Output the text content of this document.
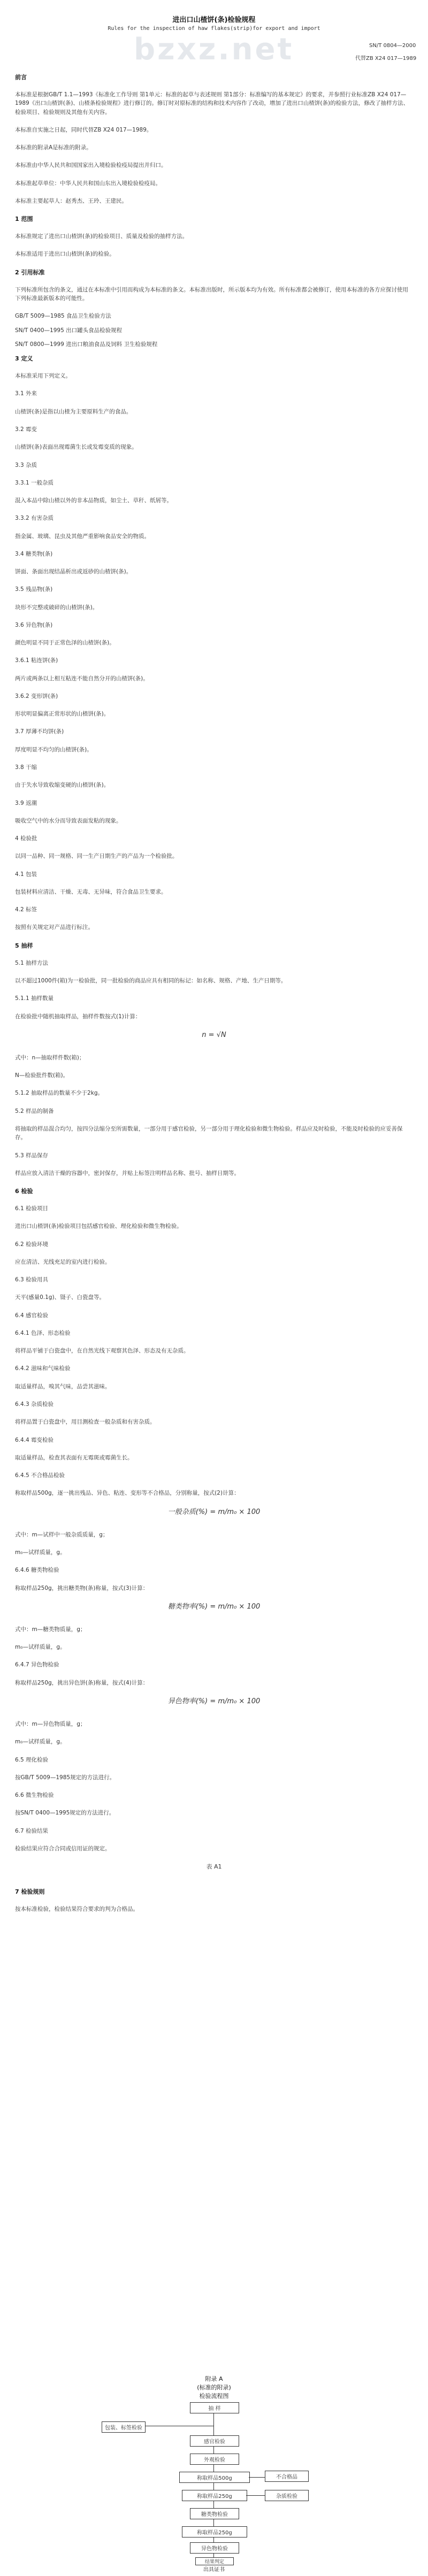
bzxz.net
进出口山楂饼(条)检验规程
Rules for the inspection of haw flakes(strip)for export and import
SN/T 0804—2000
代替ZB X24 017—1989
前言

本标准是根据GB/T 1.1—1993《标准化工作导则 第1单元：标准的起草与表述规则 第1部分：标准编写的基本规定》的要求，并参照行业标准ZB X24 017—1989《出口山楂饼(条)、山楂条检验规程》进行修订的。修订时对原标准的结构和技术内容作了改动，增加了进出口山楂饼(条)的检验方法，修改了抽样方法、检验项目、检验规则及其他有关内容。

本标准自实施之日起，同时代替ZB X24 017—1989。

本标准的附录A是标准的附录。

本标准由中华人民共和国国家出入境检验检疫局提出并归口。

本标准起草单位：中华人民共和国山东出入境检验检疫局。

本标准主要起草人：赵秀杰、王玲、王建民。

1 范围

本标准规定了进出口山楂饼(条)的检验项目、质量及检验的抽样方法。

本标准适用于进出口山楂饼(条)的检验。

2 引用标准

下列标准所包含的条文，通过在本标准中引用而构成为本标准的条文。本标准出版时，所示版本均为有效。所有标准都会被修订，使用本标准的各方应探讨使用下列标准最新版本的可能性。

GB/T 5009—1985 食品卫生检验方法

SN/T 0400—1995 出口罐头食品检验规程

SN/T 0800—1999 进出口粮油食品及饲料 卫生检验规程

3 定义

本标准采用下列定义。

3.1 外来

山楂饼(条)是指以山楂为主要原料生产的食品。

3.2 霉变

山楂饼(条)表面出现霉菌生长或发霉变质的现象。

3.3 杂质

3.3.1 一般杂质

混入本品中除山楂以外的非本品物质，如尘土、草秆、纸屑等。

3.3.2 有害杂质

指金属、玻璃、昆虫及其他严重影响食品安全的物质。

3.4 糖类物(条)

饼面、条面出现结晶析出或返砂的山楂饼(条)。

3.5 残品物(条)

块形不完整或破碎的山楂饼(条)。

3.6 异色物(条)

颜色明显不同于正常色泽的山楂饼(条)。

3.6.1 粘连饼(条)

两片或两条以上相互粘连不能自然分开的山楂饼(条)。

3.6.2 变形饼(条)

形状明显偏离正常形状的山楂饼(条)。

3.7 厚薄不均饼(条)

厚度明显不均匀的山楂饼(条)。

3.8 干缩

由于失水导致收缩变硬的山楂饼(条)。

3.9 返潮

吸收空气中的水分而导致表面发粘的现象。

4 检验批

以同一品种、同一规格、同一生产日期生产的产品为一个检验批。

4.1 包装

包装材料应清洁、干燥、无毒、无异味，符合食品卫生要求。

4.2 标签

按照有关规定对产品进行标注。

5 抽样

5.1 抽样方法

以不超过1000件(箱)为一检验批，同一批检验的商品应具有相同的标记：如名称、规格、产地、生产日期等。

5.1.1 抽样数量

在检验批中随机抽取样品，抽样件数按式(1)计算：

n = √N

式中：n—抽取样件数(箱)；

N—检验批件数(箱)。

5.1.2 抽取样品的数量不少于2kg。

5.2 样品的制备

将抽取的样品混合均匀，按四分法缩分至所需数量，一部分用于感官检验，另一部分用于理化检验和微生物检验。样品应及时检验，不能及时检验的应妥善保存。

5.3 样品保存

样品应放入清洁干燥的容器中，密封保存，并贴上标签注明样品名称、批号、抽样日期等。

6 检验

6.1 检验项目

进出口山楂饼(条)检验项目包括感官检验、理化检验和微生物检验。

6.2 检验环境

应在清洁、光线充足的室内进行检验。

6.3 检验用具

天平(感量0.1g)、镊子、白瓷盘等。

6.4 感官检验

6.4.1 色泽、形态检验

将样品平铺于白瓷盘中，在自然光线下观察其色泽、形态及有无杂质。

6.4.2 滋味和气味检验

取适量样品，嗅其气味，品尝其滋味。

6.4.3 杂质检验

将样品置于白瓷盘中，用目测检查一般杂质和有害杂质。

6.4.4 霉变检验

取适量样品，检查其表面有无霉斑或霉菌生长。

6.4.5 不合格品检验

称取样品500g，逐一挑出残品、异色、粘连、变形等不合格品，分别称量，按式(2)计算：

一般杂质(%) = m/m₀ × 100

式中：m—试样中一般杂质质量，g；

m₀—试样质量，g。

6.4.6 糖类物检验

称取样品250g，挑出糖类物(条)称量，按式(3)计算：

糖类物率(%) = m/m₀ × 100

式中：m—糖类物质量，g；

m₀—试样质量，g。

6.4.7 异色物检验

称取样品250g，挑出异色饼(条)称量，按式(4)计算：

异色物率(%) = m/m₀ × 100

式中：m—异色物质量，g；

m₀—试样质量，g。

6.5 理化检验

按GB/T 5009—1985规定的方法进行。

6.6 微生物检验

按SN/T 0400—1995规定的方法进行。

6.7 检验结果

检验结果应符合合同或信用证的规定。

表 A1
7 检验规则

按本标准检验，检验结果符合要求的判为合格品。

附录 A
(标准的附录)
检验流程图
抽 样
包装、标签检验
感官检验
外观检验
称取样品500g	不合格品
称取样品250g	杂质检验
糖类物检验
称取样品250g
异色物检验
结果判定
出具证书
